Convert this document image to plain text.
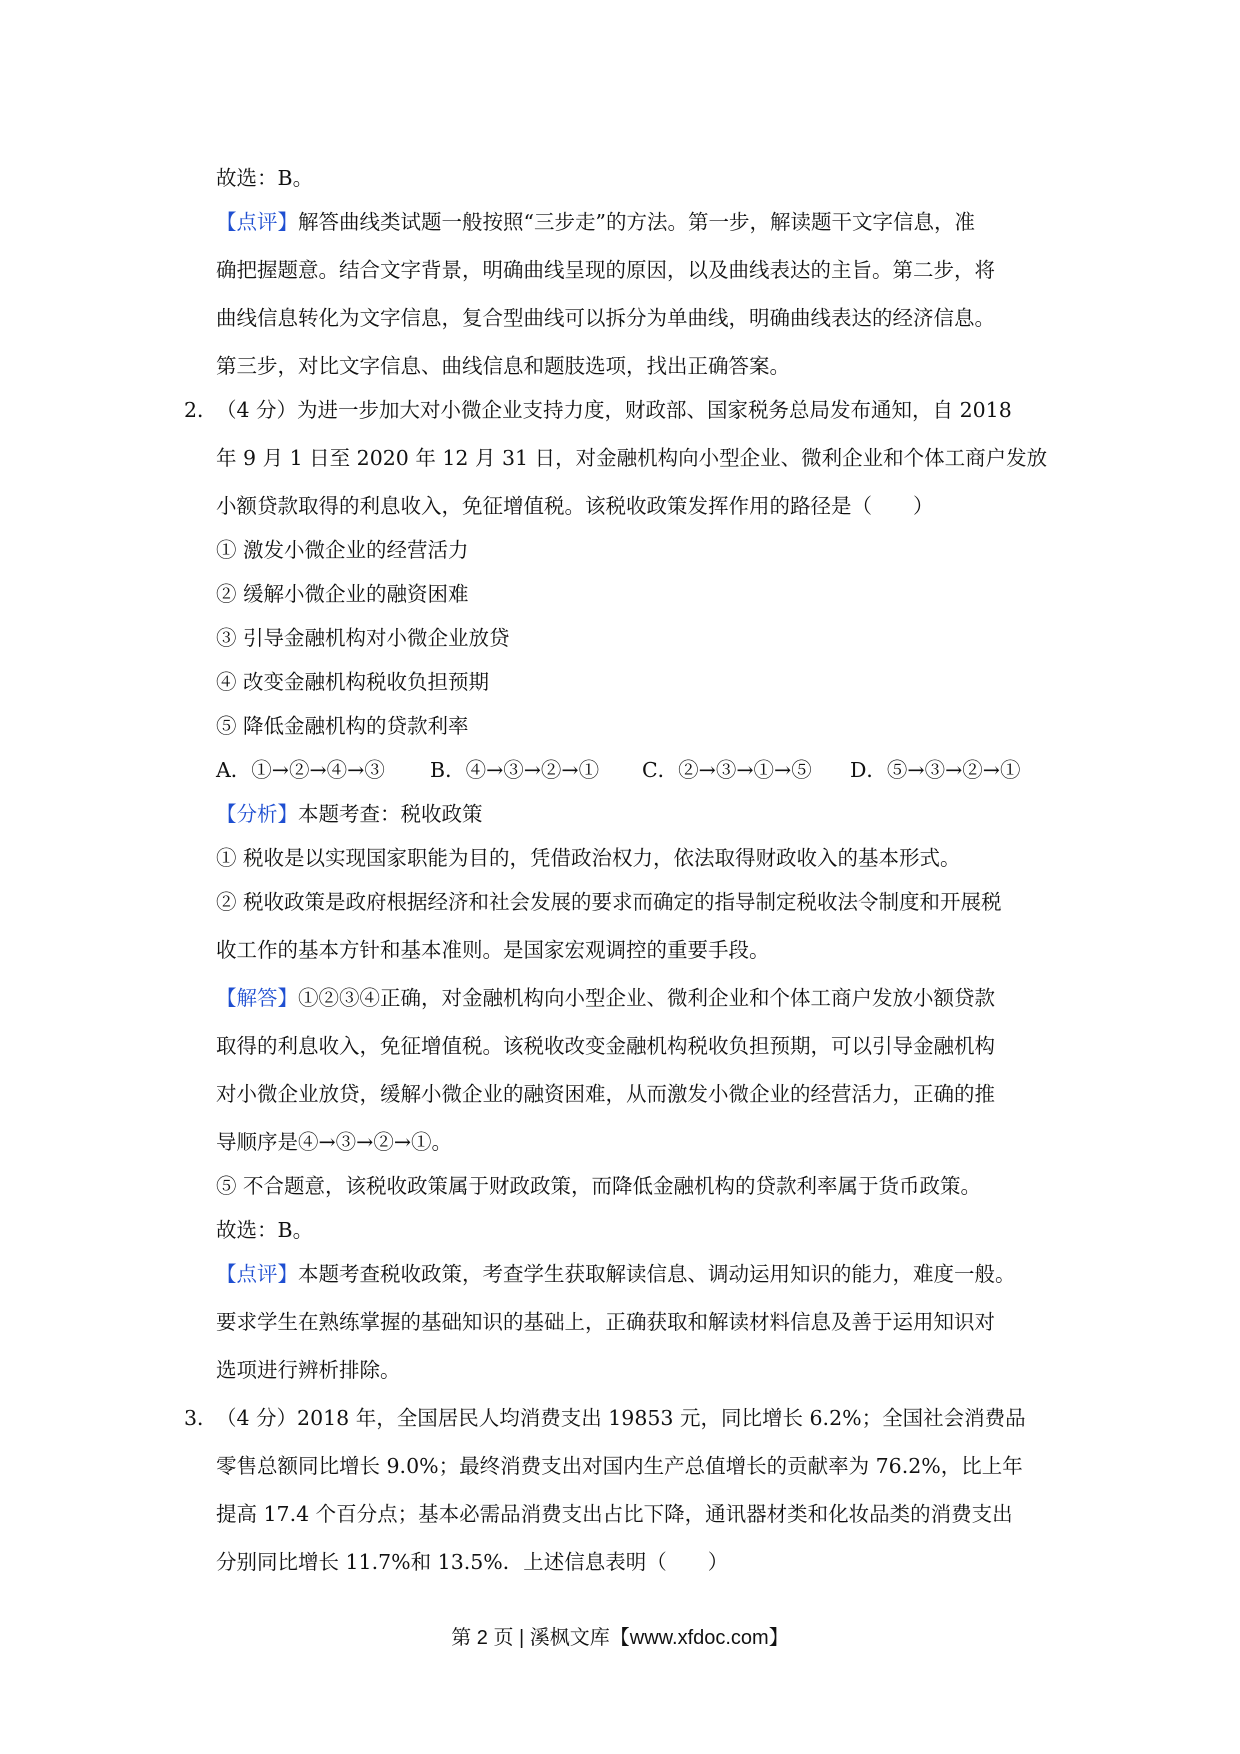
故选：B。
【点评】解答曲线类试题一般按照“三步走”的方法。第一步，解读题干文字信息，准
确把握题意。结合文字背景，明确曲线呈现的原因，以及曲线表达的主旨。第二步，将
曲线信息转化为文字信息，复合型曲线可以拆分为单曲线，明确曲线表达的经济信息。
第三步，对比文字信息、曲线信息和题肢选项，找出正确答案。
2．
（4 分）为进一步加大对小微企业支持力度，财政部、国家税务总局发布通知，自 2018
年 9 月 1 日至 2020 年 12 月 31 日，对金融机构向小型企业、微利企业和个体工商户发放
小额贷款取得的利息收入，免征增值税。该税收政策发挥作用的路径是（　　）
① 激发小微企业的经营活力
② 缓解小微企业的融资困难
③ 引导金融机构对小微企业放贷
④ 改变金融机构税收负担预期
⑤ 降低金融机构的贷款利率
A．①→②→④→③ B．④→③→②→① C．②→③→①→⑤ D．⑤→③→②→①
【分析】本题考查：税收政策
① 税收是以实现国家职能为目的，凭借政治权力，依法取得财政收入的基本形式。
② 税收政策是政府根据经济和社会发展的要求而确定的指导制定税收法令制度和开展税
收工作的基本方针和基本准则。是国家宏观调控的重要手段。
【解答】①②③④正确，对金融机构向小型企业、微利企业和个体工商户发放小额贷款
取得的利息收入，免征增值税。该税收改变金融机构税收负担预期，可以引导金融机构
对小微企业放贷，缓解小微企业的融资困难，从而激发小微企业的经营活力，正确的推
导顺序是④→③→②→①。
⑤ 不合题意，该税收政策属于财政政策，而降低金融机构的贷款利率属于货币政策。
故选：B。
【点评】本题考查税收政策，考查学生获取解读信息、调动运用知识的能力，难度一般。
要求学生在熟练掌握的基础知识的基础上，正确获取和解读材料信息及善于运用知识对
选项进行辨析排除。
3．
（4 分）2018 年，全国居民人均消费支出 19853 元，同比增长 6.2%；全国社会消费品
零售总额同比增长 9.0%；最终消费支出对国内生产总值增长的贡献率为 76.2%，比上年
提高 17.4 个百分点；基本必需品消费支出占比下降，通讯器材类和化妆品类的消费支出
分别同比增长 11.7%和 13.5%．上述信息表明（　　）
第 2 页 | 溪枫文库【www.xfdoc.com】
